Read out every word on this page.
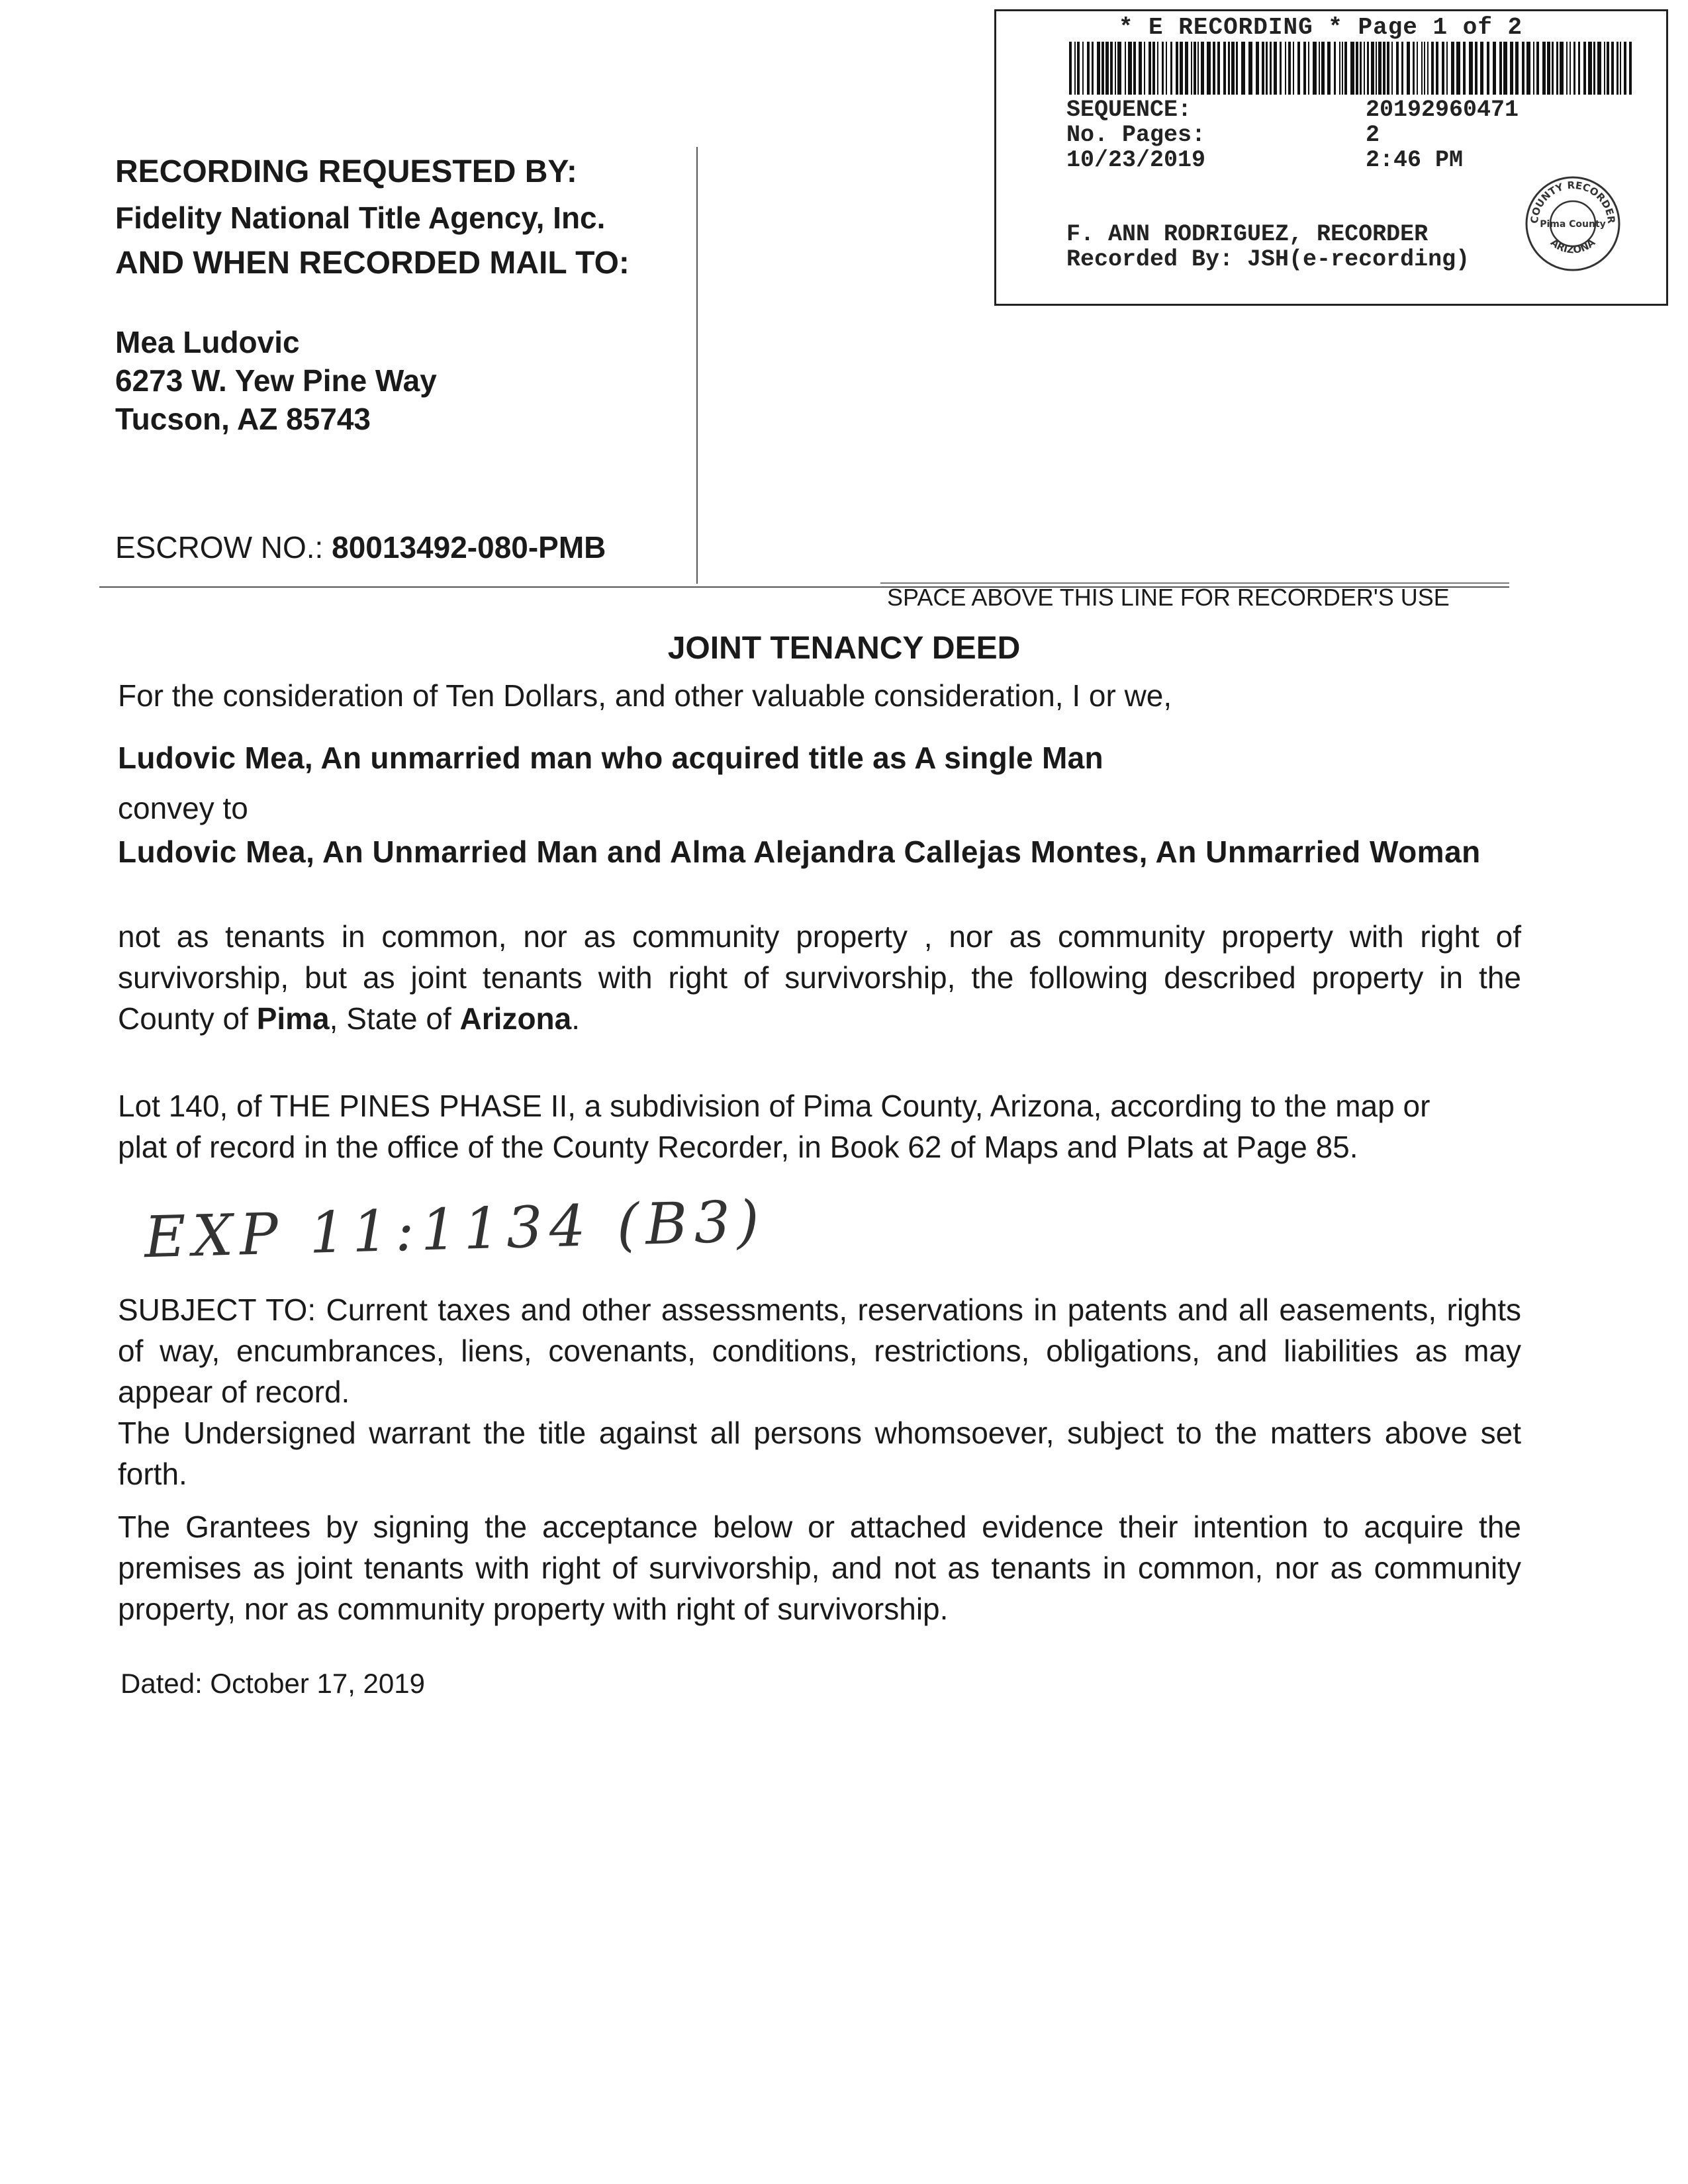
* E RECORDING * Page 1 of 2
SEQUENCE:	20192960471
No. Pages:	2
10/23/2019	2:46 PM
F. ANN RODRIGUEZ, RECORDER
Recorded By: JSH(e-recording)
COUNTY RECORDER
ARIZONA
Pima County
RECORDING REQUESTED BY:
Fidelity National Title Agency, Inc.
AND WHEN RECORDED MAIL TO:
Mea Ludovic
6273 W. Yew Pine Way
Tucson, AZ 85743
ESCROW NO.: 80013492-080-PMB
SPACE ABOVE THIS LINE FOR RECORDER'S USE
JOINT TENANCY DEED
For the consideration of Ten Dollars, and other valuable consideration, I or we,
Ludovic Mea, An unmarried man who acquired title as A single Man
convey to
Ludovic Mea, An Unmarried Man and Alma Alejandra Callejas Montes, An Unmarried Woman
not as tenants in common, nor as community property , nor as community property with right of survivorship, but as joint tenants with right of survivorship, the following described property in the County of Pima, State of Arizona.
Lot 140, of THE PINES PHASE II, a subdivision of Pima County, Arizona, according to the map or plat of record in the office of the County Recorder, in Book 62 of Maps and Plats at Page 85.
EXP 11:1134 (B3)
SUBJECT TO: Current taxes and other assessments, reservations in patents and all easements, rights of way, encumbrances, liens, covenants, conditions, restrictions, obligations, and liabilities as may appear of record.
The Undersigned warrant the title against all persons whomsoever, subject to the matters above set forth.
The Grantees by signing the acceptance below or attached evidence their intention to acquire the premises as joint tenants with right of survivorship, and not as tenants in common, nor as community property, nor as community property with right of survivorship.
Dated: October 17, 2019
